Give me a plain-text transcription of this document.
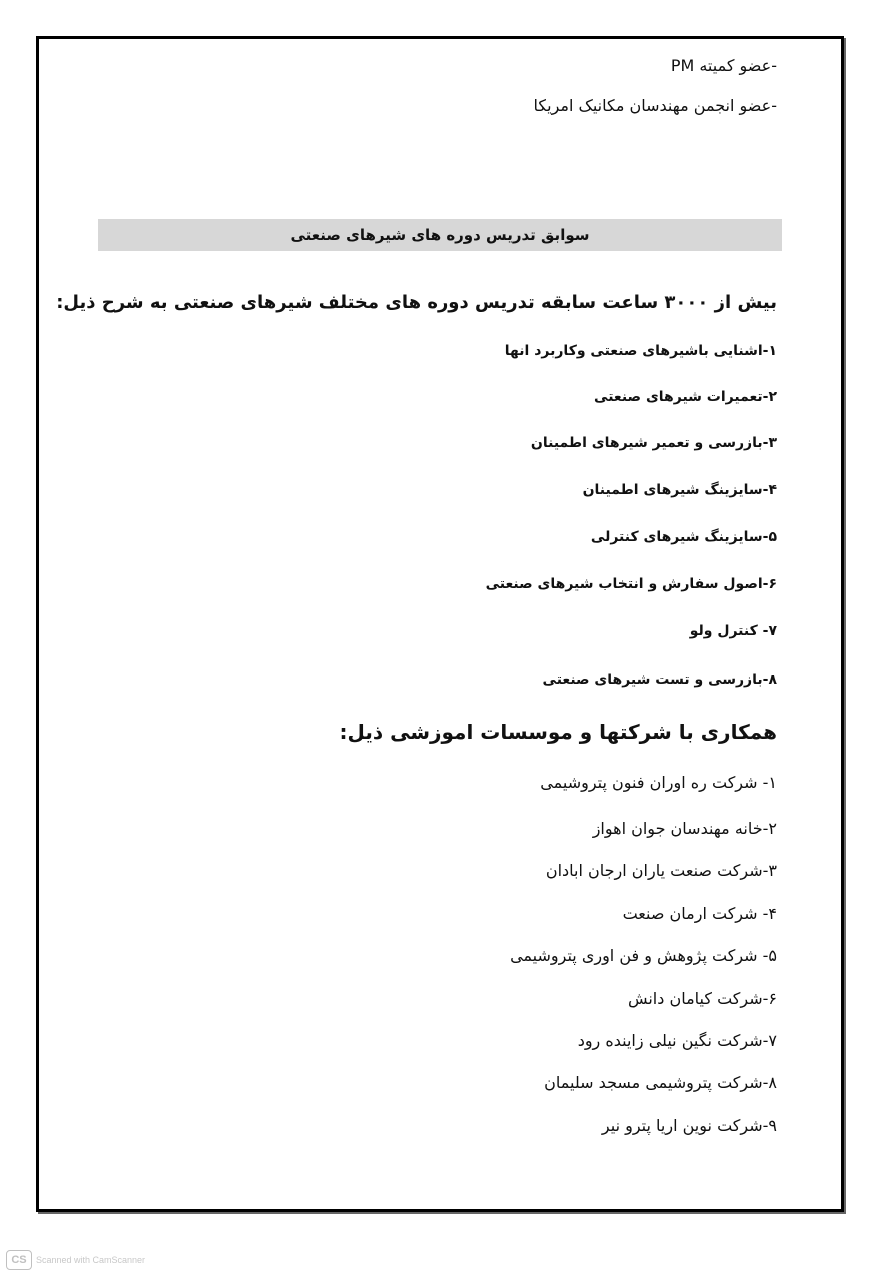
-عضو کمیته PM
-عضو انجمن مهندسان مکانیک امریکا
سوابق تدریس دوره های شیرهای صنعتی
بیش از ۳۰۰۰ ساعت سابقه تدریس دوره های مختلف شیرهای صنعتی به شرح ذیل:
۱-اشنایی باشیرهای صنعتی وکاربرد انها
۲-تعمیرات شیرهای صنعتی
۳-بازرسی و تعمیر شیرهای اطمینان
۴-سایزینگ شیرهای اطمینان
۵-سایزینگ شیرهای کنترلی
۶-اصول سفارش و انتخاب شیرهای صنعتی
۷- کنترل ولو
۸-بازرسی و تست شیرهای صنعتی
همکاری با شرکتها و موسسات اموزشی ذیل:
۱- شرکت ره اوران فنون پتروشیمی
۲-خانه مهندسان جوان اهواز
۳-شرکت صنعت یاران ارجان ابادان
۴- شرکت ارمان صنعت
۵- شرکت پژوهش و فن اوری پتروشیمی
۶-شرکت کیامان دانش
۷-شرکت نگین نیلی زاینده رود
۸-شرکت پتروشیمی مسجد سلیمان
۹-شرکت نوین اریا پترو نیر
CS	Scanned with CamScanner
